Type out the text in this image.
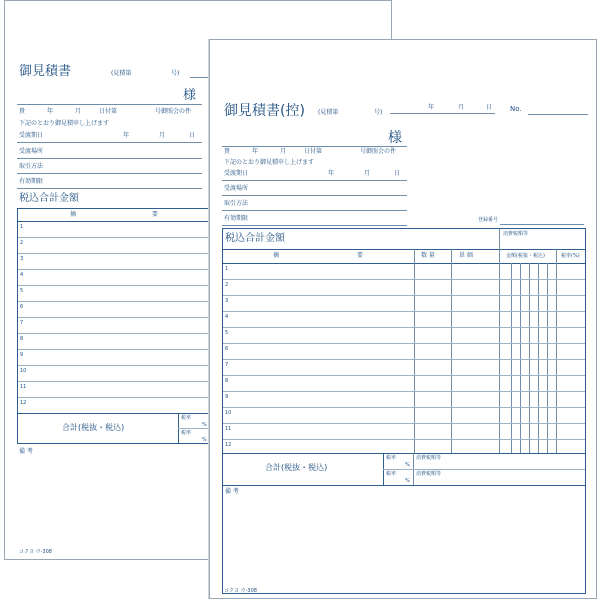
御見積書	(見積第	号)
様
貴	年	月	日付第	号御照会の件
下記のとおり御見積申し上げます
受渡期日	年	月	日
受渡場所
取引方法
有効期限
税込合計金額
摘	要
1
2
3
4
5
6
7
8
9
10
11
12
合計(税抜・税込)
税率
%
税率
%
備 考
コクヨ ウ-308
御見積書(控) (見積第	号)
年	月	日	No.
様
貴	年	月	日付第	号御照会の件
下記のとおり御見積申し上げます
受渡期日	年	月	日
受渡場所
取引方法
有効期限	登録番号
税込合計金額	消費税額等
摘	要	数 量	単 価	金額(税抜・税込)	税率(%)
1
2
3
4
5
6
7
8
9
10
11
12
合計(税抜・税込)
税率
%
消費税額等
税率
%
消費税額等
備 考
コクヨ ウ-308
